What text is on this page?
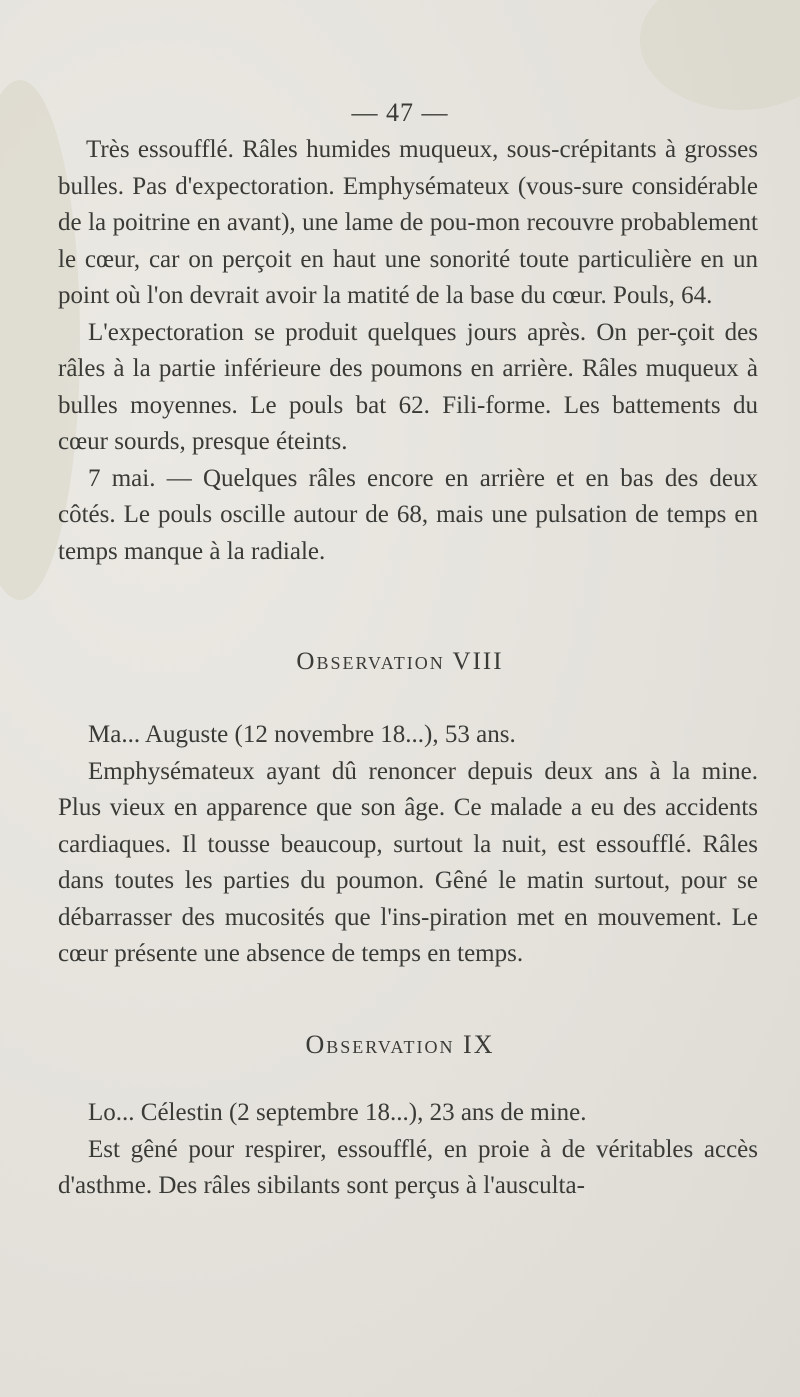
— 47 —

Très essoufflé. Râles humides muqueux, sous-crépitants à grosses bulles. Pas d'expectoration. Emphysémateux (vous-sure considérable de la poitrine en avant), une lame de pou-mon recouvre probablement le cœur, car on perçoit en haut une sonorité toute particulière en un point où l'on devrait avoir la matité de la base du cœur. Pouls, 64.

L'expectoration se produit quelques jours après. On per-çoit des râles à la partie inférieure des poumons en arrière. Râles muqueux à bulles moyennes. Le pouls bat 62. Fili-forme. Les battements du cœur sourds, presque éteints.

7 mai. — Quelques râles encore en arrière et en bas des deux côtés. Le pouls oscille autour de 68, mais une pulsation de temps en temps manque à la radiale.

Observation VIII

Ma... Auguste (12 novembre 18...), 53 ans.

Emphysémateux ayant dû renoncer depuis deux ans à la mine. Plus vieux en apparence que son âge. Ce malade a eu des accidents cardiaques. Il tousse beaucoup, surtout la nuit, est essoufflé. Râles dans toutes les parties du poumon. Gêné le matin surtout, pour se débarrasser des mucosités que l'ins-piration met en mouvement. Le cœur présente une absence de temps en temps.

Observation IX

Lo... Célestin (2 septembre 18...), 23 ans de mine.

Est gêné pour respirer, essoufflé, en proie à de véritables accès d'asthme. Des râles sibilants sont perçus à l'ausculta-
